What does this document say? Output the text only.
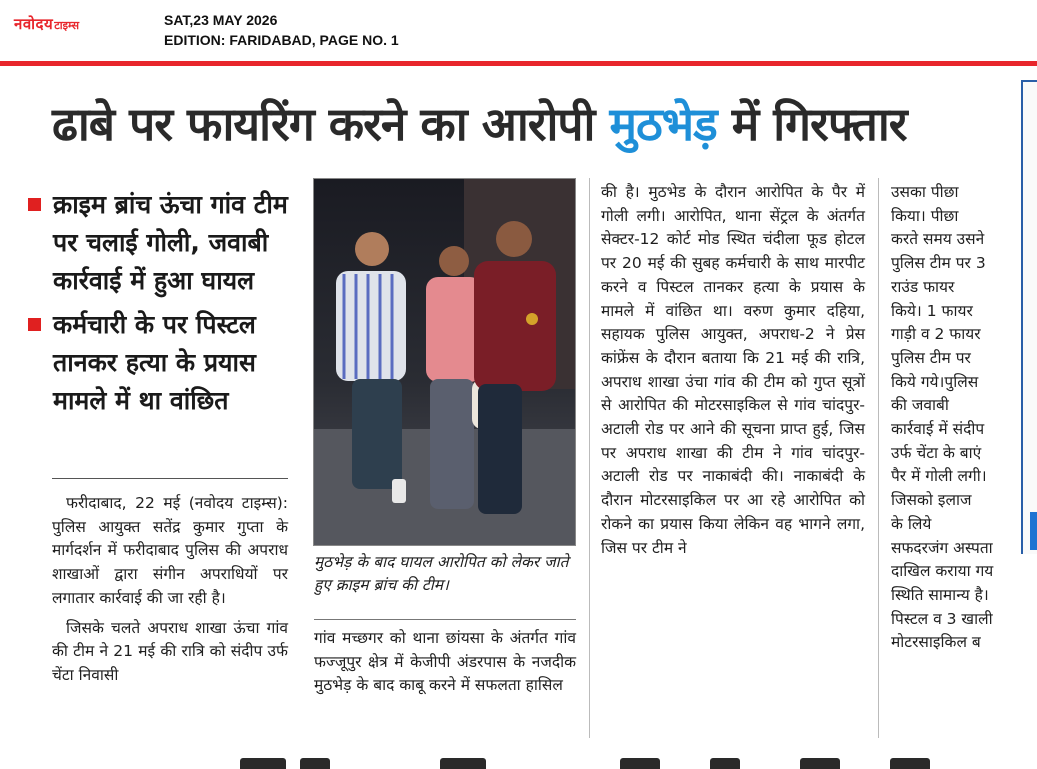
नवोदय टाइम्स	SAT,23 MAY 2026
EDITION: FARIDABAD, PAGE NO. 1
ढाबे पर फायरिंग करने का आरोपी मुठभेड़ में गिरफ्तार
क्राइम ब्रांच ऊंचा गांव टीम पर चलाई गोली, जवाबी कार्रवाई में हुआ घायल
कर्मचारी के पर पिस्टल तानकर हत्या के प्रयास मामले में था वांछित

फरीदाबाद, 22 मई (नवोदय टाइम्स): पुलिस आयुक्त सतेंद्र कुमार गुप्ता के मार्गदर्शन में फरीदाबाद पुलिस की अपराध शाखाओं द्वारा संगीन अपराधियों पर लगातार कार्रवाई की जा रही है।

जिसके चलते अपराध शाखा ऊंचा गांव की टीम ने 21 मई की रात्रि को संदीप उर्फ चेंटा निवासी

मुठभेड़ के बाद घायल आरोपित को लेकर जाते हुए क्राइम ब्रांच की टीम।

गांव मच्छगर को थाना छांयसा के अंतर्गत गांव फज्जूपुर क्षेत्र में केजीपी अंडरपास के नजदीक मुठभेड़ के बाद काबू करने में सफलता हासिल

की है। मुठभेड के दौरान आरोपित के पैर में गोली लगी। आरोपित, थाना सेंट्रल के अंतर्गत सेक्टर-12 कोर्ट मोड स्थित चंदीला फूड होटल पर 20 मई की सुबह कर्मचारी के साथ मारपीट करने व पिस्टल तानकर हत्या के प्रयास के मामले में वांछित था। वरुण कुमार दहिया, सहायक पुलिस आयुक्त, अपराध-2 ने प्रेस कांफ्रेंस के दौरान बताया कि 21 मई की रात्रि, अपराध शाखा उंचा गांव की टीम को गुप्त सूत्रों से आरोपित की मोटरसाइकिल से गांव चांदपुर-अटाली रोड पर आने की सूचना प्राप्त हुई, जिस पर अपराध शाखा की टीम ने गांव चांदपुर-अटाली रोड पर नाकाबंदी की। नाकाबंदी के दौरान मोटरसाइकिल पर आ रहे आरोपित को रोकने का प्रयास किया लेकिन वह भागने लगा, जिस पर टीम ने

उसका पीछा
किया। पीछा
करते समय उसने
पुलिस टीम पर 3
राउंड फायर
किये। 1 फायर
गाड़ी व 2 फायर
पुलिस टीम पर
किये गये।पुलिस
की जवाबी
कार्रवाई में संदीप
उर्फ चेंटा के बाएं
पैर में गोली लगी।
जिसको इलाज
के लिये
सफदरजंग अस्पता
दाखिल कराया गय
स्थिति सामान्य है।
पिस्टल व 3 खाली
मोटरसाइकिल ब
